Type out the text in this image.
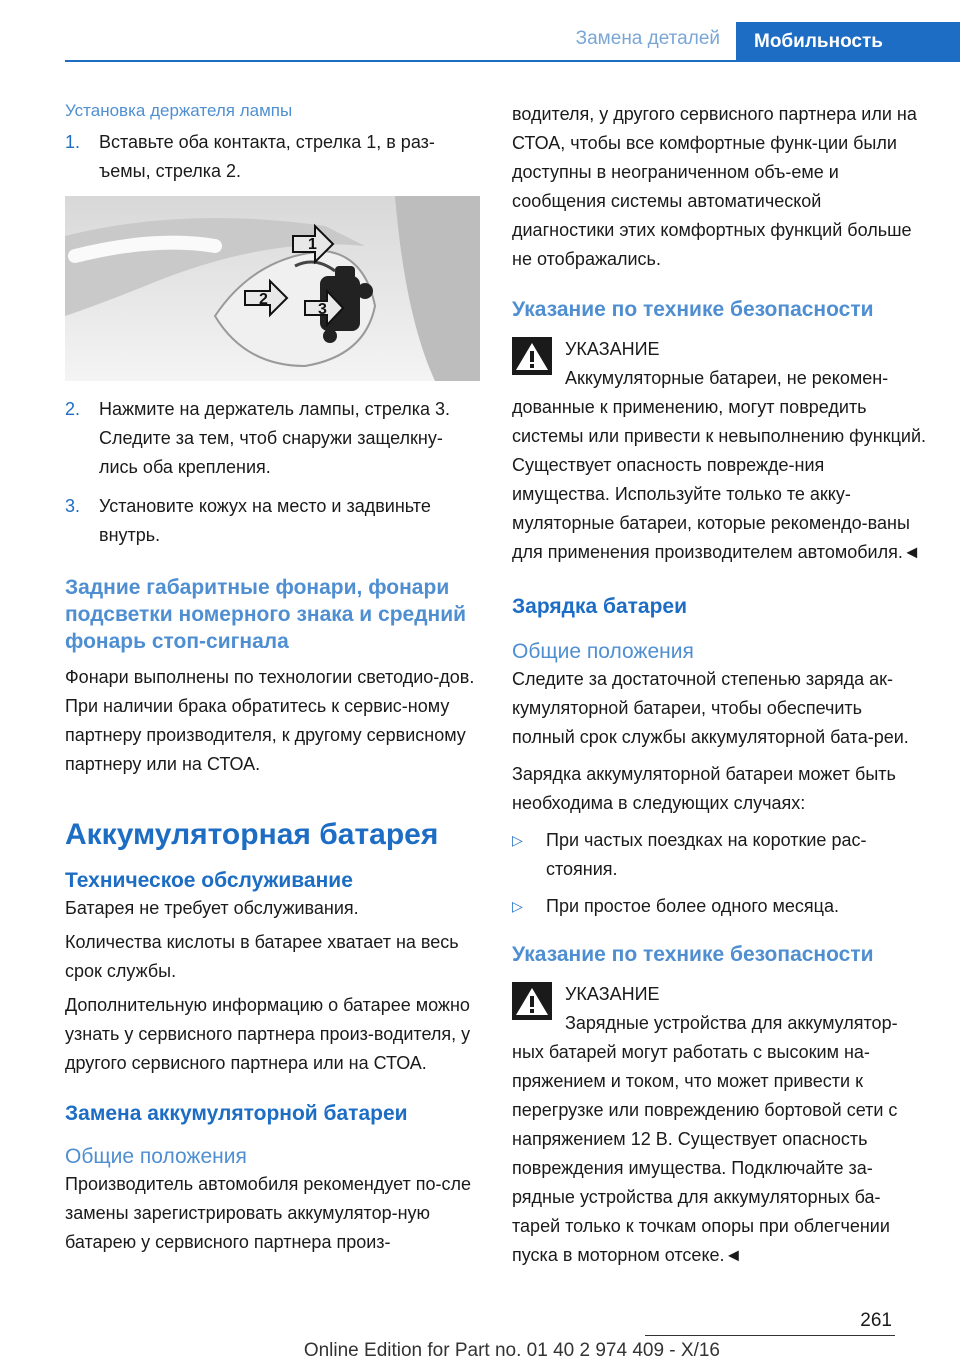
Замена деталей	Мобильность
Установка держателя лампы
1.	Вставьте оба контакта, стрелка 1, в раз‐ъемы, стрелка 2.
1
2
3
2.	Нажмите на держатель лампы, стрелка 3. Следите за тем, чтоб снаружи защелкну‐лись оба крепления.
3.	Установите кожух на место и задвиньте внутрь.
Задние габаритные фонари, фонари подсветки номерного знака и средний фонарь стоп-сигнала

Фонари выполнены по технологии светодио‐дов. При наличии брака обратитесь к сервис‐ному партнеру производителя, к другому сервисному партнеру или на СТОА.

Аккумуляторная батарея
Техническое обслуживание

Батарея не требует обслуживания.

Количества кислоты в батарее хватает на весь срок службы.

Дополнительную информацию о батарее можно узнать у сервисного партнера произ‐водителя, у другого сервисного партнера или на СТОА.

Замена аккумуляторной батареи
Общие положения

Производитель автомобиля рекомендует по‐сле замены зарегистрировать аккумулятор‐ную батарею у сервисного партнера произ‐

водителя, у другого сервисного партнера или на СТОА, чтобы все комфортные функ‐ции были доступны в неограниченном объ‐еме и сообщения системы автоматической диагностики этих комфортных функций больше не отображались.

Указание по технике безопасности

УКАЗАНИЕ

Аккумуляторные батареи, не рекомен‐дованные к применению, могут повредить системы или привести к невыполнению функций. Существует опасность поврежде‐ния имущества. Используйте только те акку‐муляторные батареи, которые рекомендо‐ваны для применения производителем автомобиля.◄

Зарядка батареи
Общие положения

Следите за достаточной степенью заряда ак‐кумуляторной батареи, чтобы обеспечить полный срок службы аккумуляторной бата‐реи.

Зарядка аккумуляторной батареи может быть необходима в следующих случаях:

▷	При частых поездках на короткие рас‐стояния.
▷	При простое более одного месяца.
Указание по технике безопасности

УКАЗАНИЕ

Зарядные устройства для аккумулятор‐ных батарей могут работать с высоким на‐пряжением и током, что может привести к перегрузке или повреждению бортовой сети с напряжением 12 В. Существует опасность повреждения имущества. Подключайте за‐рядные устройства для аккумуляторных ба‐тарей только к точкам опоры при облегчении пуска в моторном отсеке.◄

261
Online Edition for Part no. 01 40 2 974 409 - X/16
